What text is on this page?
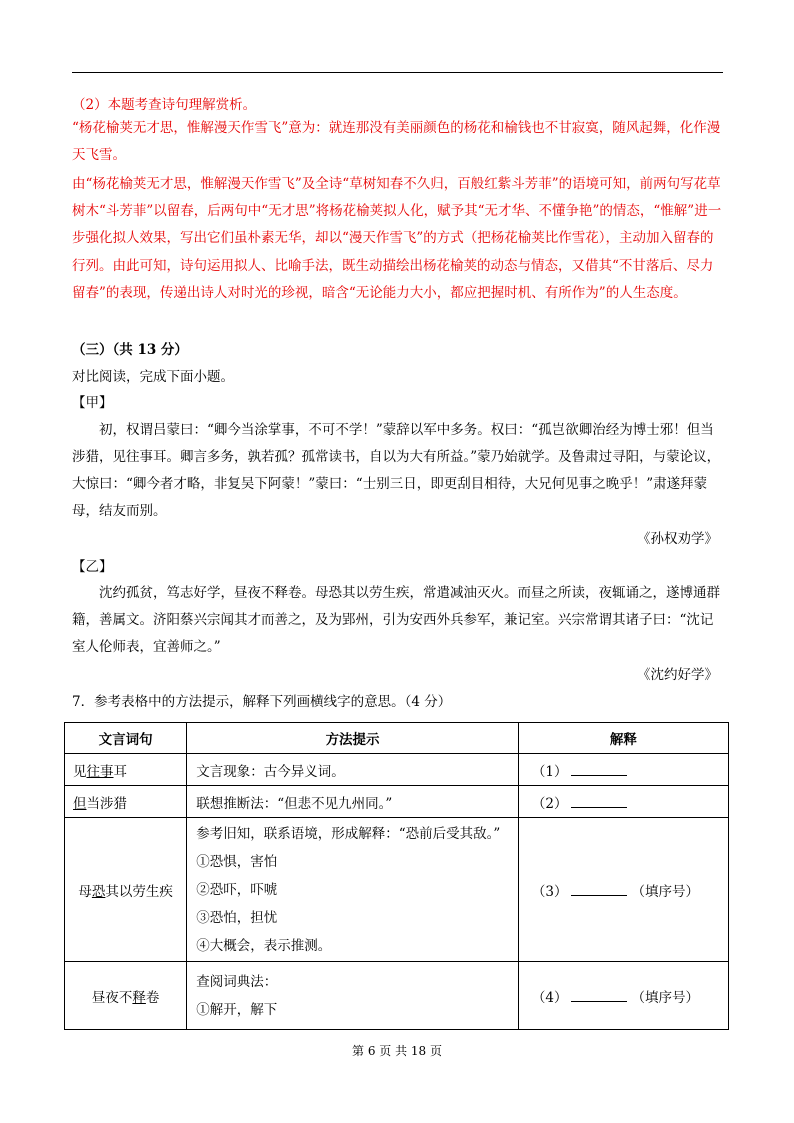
（2）本题考查诗句理解赏析。
“杨花榆荚无才思，惟解漫天作雪飞”意为：就连那没有美丽颜色的杨花和榆钱也不甘寂寞，随风起舞，化作漫天飞雪。
由“杨花榆荚无才思，惟解漫天作雪飞”及全诗“草树知春不久归，百般红紫斗芳菲”的语境可知，前两句写花草树木“斗芳菲”以留春，后两句中“无才思”将杨花榆荚拟人化，赋予其“无才华、不懂争艳”的情态，“惟解”进一步强化拟人效果，写出它们虽朴素无华，却以“漫天作雪飞”的方式（把杨花榆荚比作雪花），主动加入留春的行列。由此可知，诗句运用拟人、比喻手法，既生动描绘出杨花榆荚的动态与情态，又借其“不甘落后、尽力留春”的表现，传递出诗人对时光的珍视，暗含“无论能力大小，都应把握时机、有所作为”的人生态度。
（三）（共 13 分）
对比阅读，完成下面小题。
【甲】
初，权谓吕蒙曰：“卿今当涂掌事，不可不学！”蒙辞以军中多务。权曰：“孤岂欲卿治经为博士邪！但当涉猎，见往事耳。卿言多务，孰若孤？孤常读书，自以为大有所益。”蒙乃始就学。及鲁肃过寻阳，与蒙论议，大惊曰：“卿今者才略，非复吴下阿蒙！”蒙曰：“士别三日，即更刮目相待，大兄何见事之晚乎！”肃遂拜蒙母，结友而别。
《孙权劝学》
【乙】
沈约孤贫，笃志好学，昼夜不释卷。母恐其以劳生疾，常遣减油灭火。而昼之所读，夜辄诵之，遂博通群籍，善属文。济阳蔡兴宗闻其才而善之，及为郢州，引为安西外兵参军，兼记室。兴宗常谓其诸子曰：“沈记室人伦师表，宜善师之。”
《沈约好学》
7．参考表格中的方法提示，解释下列画横线字的意思。（4 分）
文言词句	方法提示	解释
见往事耳	文言现象：古今异义词。	（1）
但当涉猎	联想推断法：“但悲不见九州同。”	（2）
母恐其以劳生疾	参考旧知，联系语境，形成解释：“恐前后受其敌。”
①恐惧，害怕
②恐吓，吓唬
③恐怕，担忧
④大概会，表示推测。	（3） （填序号）
昼夜不释卷	查阅词典法：
①解开，解下	（4） （填序号）
第 6 页 共 18 页
